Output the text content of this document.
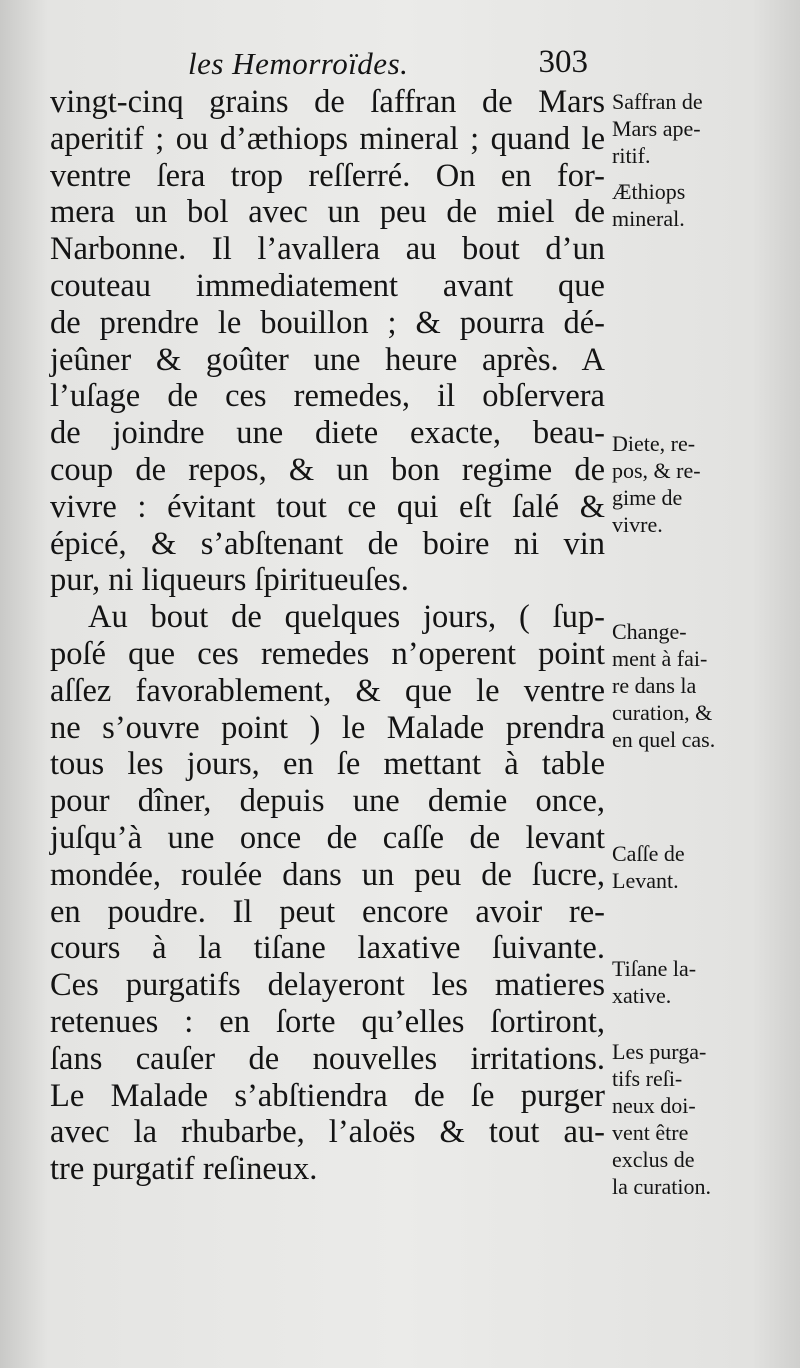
les Hemorroïdes.	303
vingt-cinq grains de ſaffran de Mars
aperitif ; ou d’æthiops mineral ; quand le
ventre ſera trop reſſerré. On en for-
mera un bol avec un peu de miel de
Narbonne. Il l’avallera au bout d’un
couteau immediatement avant que
de prendre le bouillon ; & pourra dé-
jeûner & goûter une heure après. A
l’uſage de ces remedes, il obſervera
de joindre une diete exacte, beau-
coup de repos, & un bon regime de
vivre : évitant tout ce qui eſt ſalé &
épicé, & s’abſtenant de boire ni vin
pur, ni liqueurs ſpiritueuſes.
Au bout de quelques jours, ( ſup-
poſé que ces remedes n’operent point
aſſez favorablement, & que le ventre
ne s’ouvre point ) le Malade prendra
tous les jours, en ſe mettant à table
pour dîner, depuis une demie once,
juſqu’à une once de caſſe de levant
mondée, roulée dans un peu de ſucre,
en poudre. Il peut encore avoir re-
cours à la tiſane laxative ſuivante.
Ces purgatifs delayeront les matieres
retenues : en ſorte qu’elles ſortiront,
ſans cauſer de nouvelles irritations.
Le Malade s’abſtiendra de ſe purger
avec la rhubarbe, l’aloës & tout au-
tre purgatif reſineux.
Saffran de
Mars ape-
ritif.
Æthiops
mineral.
Diete, re-
pos, & re-
gime de
vivre.
Change-
ment à fai-
re dans la
curation, &
en quel cas.
Caſſe de
Levant.
Tiſane la-
xative.
Les purga-
tifs reſi-
neux doi-
vent être
exclus de
la curation.
